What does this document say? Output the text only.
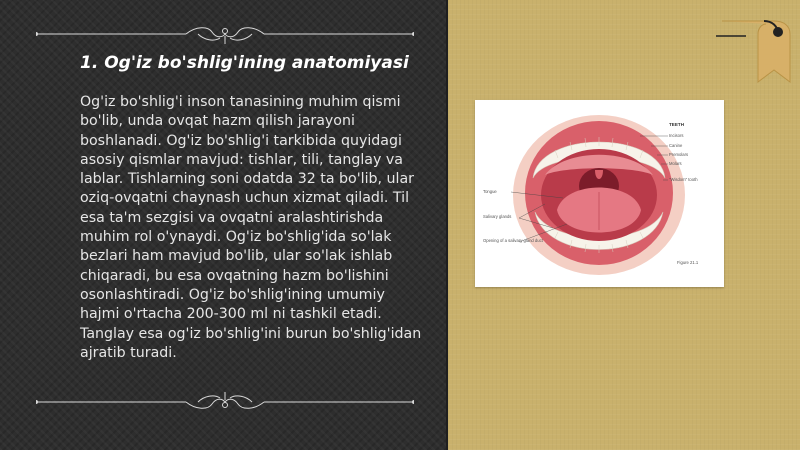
1. Og'iz bo'shlig'ining anatomiyasi

Og'iz bo'shlig'i inson tanasining muhim qismi bo'lib, unda ovqat hazm qilish jarayoni boshlanadi. Og'iz bo'shlig'i tarkibida quyidagi asosiy qismlar mavjud: tishlar, tili, tanglay va lablar. Tishlarning soni odatda 32 ta bo'lib, ular oziq-ovqatni chaynash uchun xizmat qiladi. Til esa ta'm sezgisi va ovqatni aralashtirishda muhim rol o'ynaydi. Og'iz bo'shlig'ida so'lak bezlari ham mavjud bo'lib, ular so'lak ishlab chiqaradi, bu esa ovqatning hazm bo'lishini osonlashtiradi. Og'iz bo'shlig'ining umumiy hajmi o'rtacha 200-300 ml ni tashkil etadi. Tanglay esa og'iz bo'shlig'ini burun bo'shlig'idan ajratib turadi.

TEETH
Incisors
Canine
Premolars
Molars
"Wisdom" tooth
Tongue
Salivary glands
Opening of a salivary gland duct
Figure 21.1
